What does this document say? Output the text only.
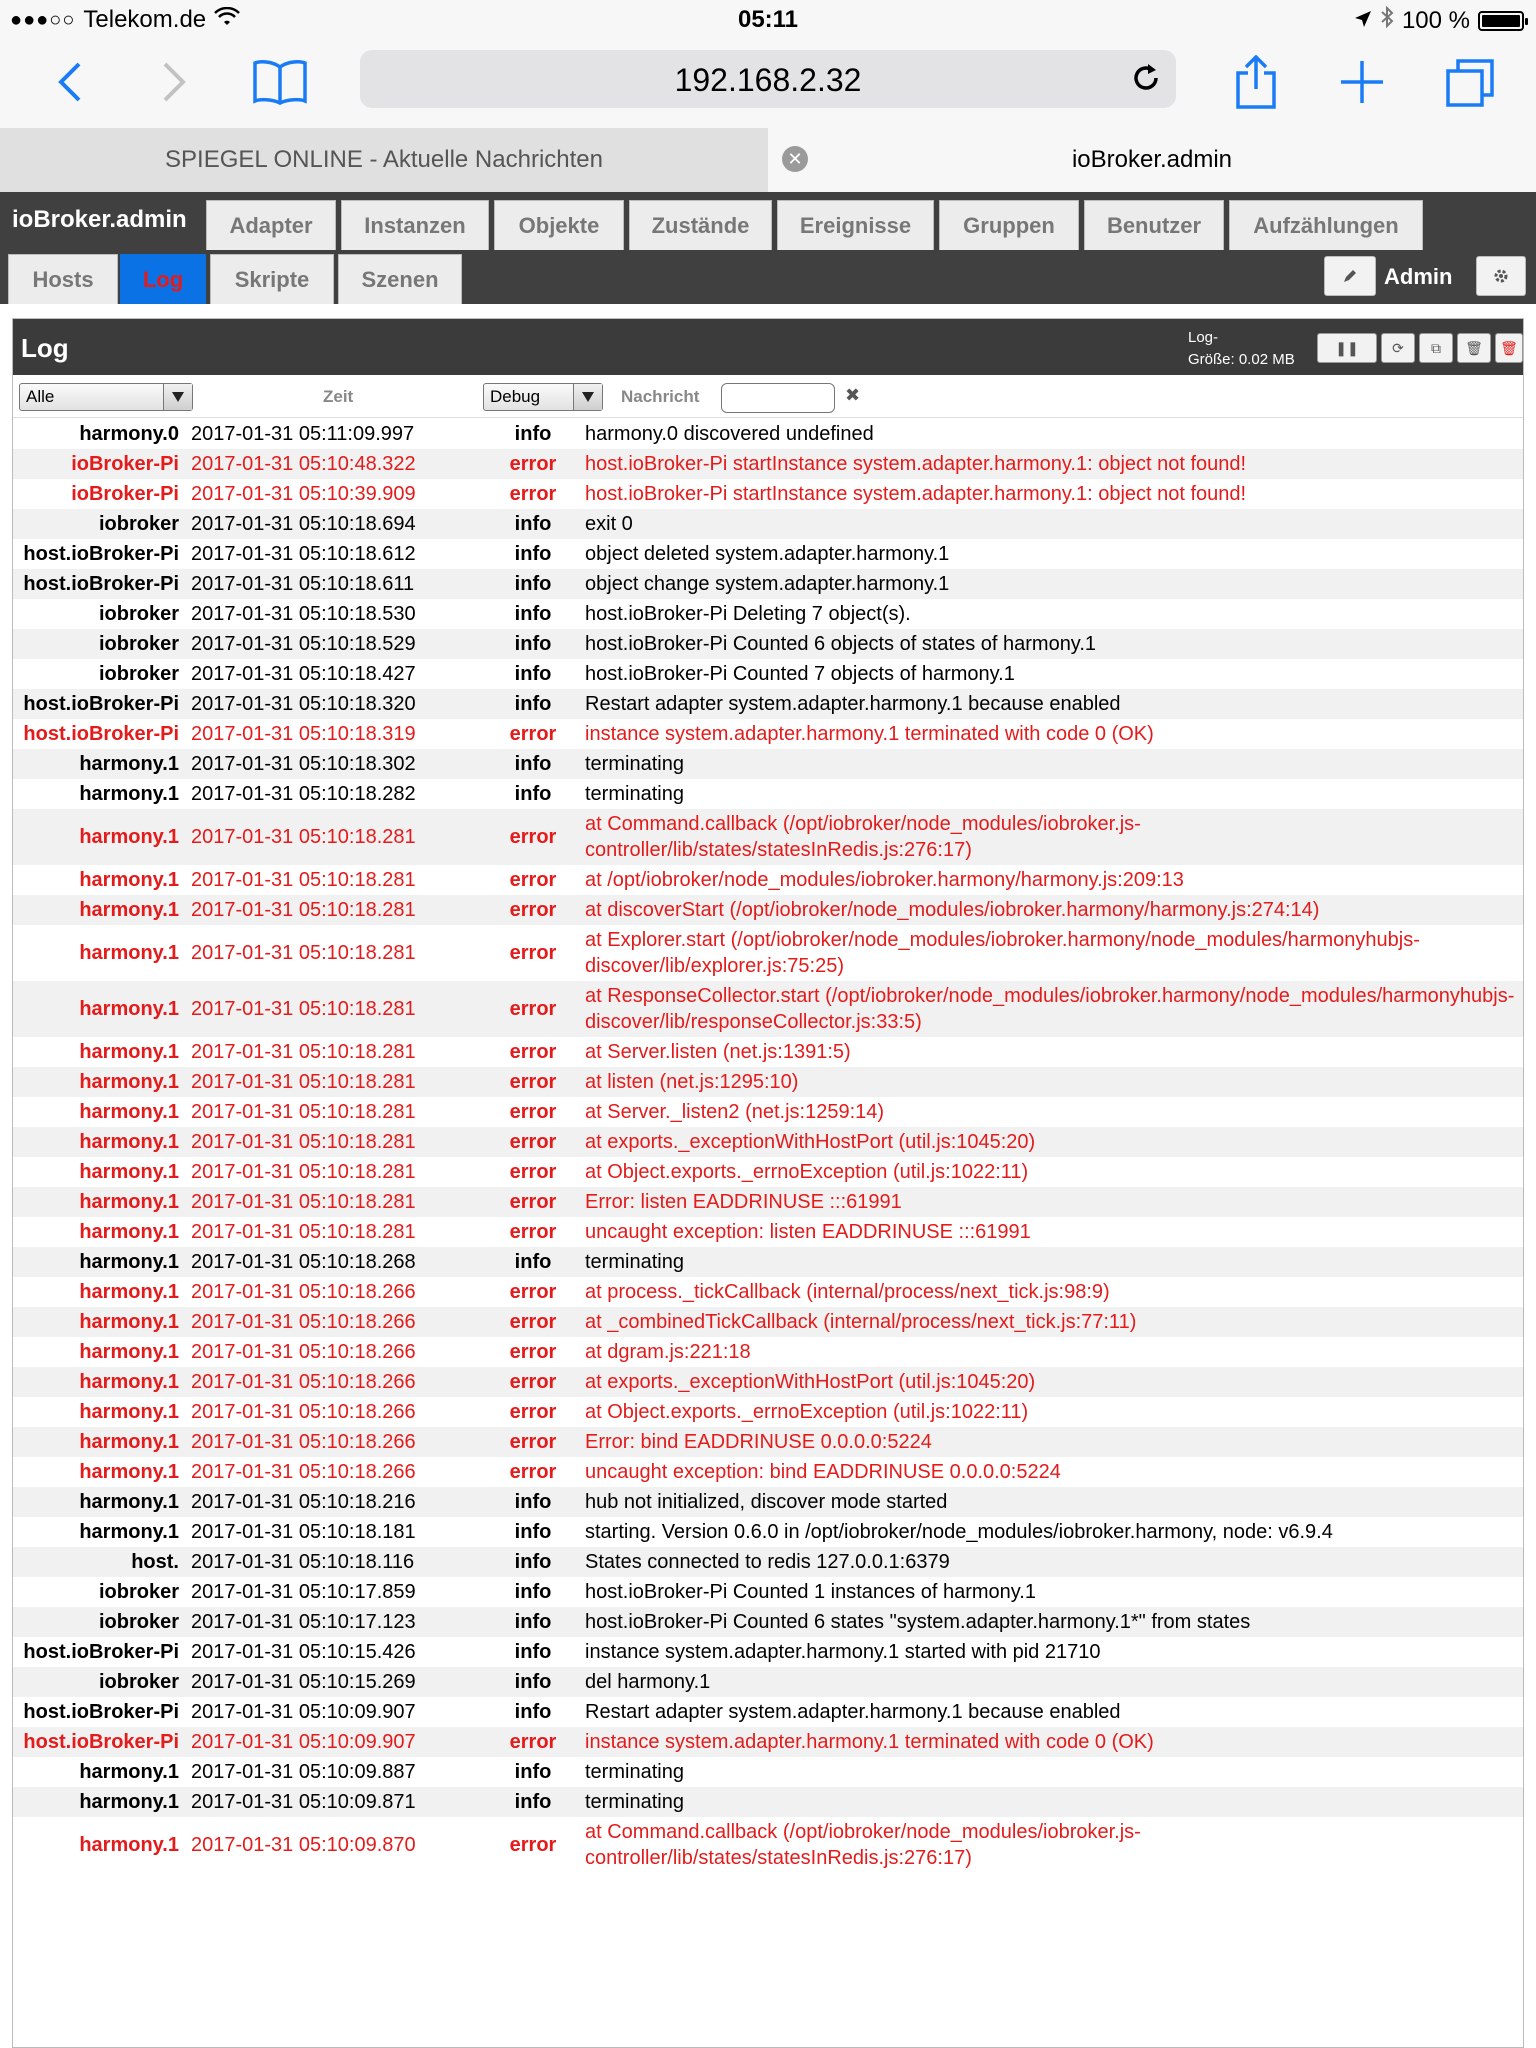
●●●○○ Telekom.de	05:11	100 %
192.168.2.32
SPIEGEL ONLINE - Aktuelle Nachrichten	✕	ioBroker.admin
ioBroker.admin Adapter Instanzen Objekte Zustände Ereignisse Gruppen Benutzer Aufzählungen
Hosts Log Skripte Szenen	Admin
Log	Log-
Größe: 0.02 MB
❚❚ ⟳ ⧉ 🗑 🗑
Alle	Zeit	Debug	Nachricht	✖
harmony.0	2017-01-31 05:11:09.997	info	harmony.0 discovered undefined
ioBroker-Pi	2017-01-31 05:10:48.322	error	host.ioBroker-Pi startInstance system.adapter.harmony.1: object not found!
ioBroker-Pi	2017-01-31 05:10:39.909	error	host.ioBroker-Pi startInstance system.adapter.harmony.1: object not found!
iobroker	2017-01-31 05:10:18.694	info	exit 0
host.ioBroker-Pi	2017-01-31 05:10:18.612	info	object deleted system.adapter.harmony.1
host.ioBroker-Pi	2017-01-31 05:10:18.611	info	object change system.adapter.harmony.1
iobroker	2017-01-31 05:10:18.530	info	host.ioBroker-Pi Deleting 7 object(s).
iobroker	2017-01-31 05:10:18.529	info	host.ioBroker-Pi Counted 6 objects of states of harmony.1
iobroker	2017-01-31 05:10:18.427	info	host.ioBroker-Pi Counted 7 objects of harmony.1
host.ioBroker-Pi	2017-01-31 05:10:18.320	info	Restart adapter system.adapter.harmony.1 because enabled
host.ioBroker-Pi	2017-01-31 05:10:18.319	error	instance system.adapter.harmony.1 terminated with code 0 (OK)
harmony.1	2017-01-31 05:10:18.302	info	terminating
harmony.1	2017-01-31 05:10:18.282	info	terminating
harmony.1	2017-01-31 05:10:18.281	error	at Command.callback (/opt/iobroker/node_modules/iobroker.js-controller/lib/states/statesInRedis.js:276:17)
harmony.1	2017-01-31 05:10:18.281	error	at /opt/iobroker/node_modules/iobroker.harmony/harmony.js:209:13
harmony.1	2017-01-31 05:10:18.281	error	at discoverStart (/opt/iobroker/node_modules/iobroker.harmony/harmony.js:274:14)
harmony.1	2017-01-31 05:10:18.281	error	at Explorer.start (/opt/iobroker/node_modules/iobroker.harmony/node_modules/harmonyhubjs-discover/lib/explorer.js:75:25)
harmony.1	2017-01-31 05:10:18.281	error	at ResponseCollector.start (/opt/iobroker/node_modules/iobroker.harmony/node_modules/harmonyhubjs-discover/lib/responseCollector.js:33:5)
harmony.1	2017-01-31 05:10:18.281	error	at Server.listen (net.js:1391:5)
harmony.1	2017-01-31 05:10:18.281	error	at listen (net.js:1295:10)
harmony.1	2017-01-31 05:10:18.281	error	at Server._listen2 (net.js:1259:14)
harmony.1	2017-01-31 05:10:18.281	error	at exports._exceptionWithHostPort (util.js:1045:20)
harmony.1	2017-01-31 05:10:18.281	error	at Object.exports._errnoException (util.js:1022:11)
harmony.1	2017-01-31 05:10:18.281	error	Error: listen EADDRINUSE :::61991
harmony.1	2017-01-31 05:10:18.281	error	uncaught exception: listen EADDRINUSE :::61991
harmony.1	2017-01-31 05:10:18.268	info	terminating
harmony.1	2017-01-31 05:10:18.266	error	at process._tickCallback (internal/process/next_tick.js:98:9)
harmony.1	2017-01-31 05:10:18.266	error	at _combinedTickCallback (internal/process/next_tick.js:77:11)
harmony.1	2017-01-31 05:10:18.266	error	at dgram.js:221:18
harmony.1	2017-01-31 05:10:18.266	error	at exports._exceptionWithHostPort (util.js:1045:20)
harmony.1	2017-01-31 05:10:18.266	error	at Object.exports._errnoException (util.js:1022:11)
harmony.1	2017-01-31 05:10:18.266	error	Error: bind EADDRINUSE 0.0.0.0:5224
harmony.1	2017-01-31 05:10:18.266	error	uncaught exception: bind EADDRINUSE 0.0.0.0:5224
harmony.1	2017-01-31 05:10:18.216	info	hub not initialized, discover mode started
harmony.1	2017-01-31 05:10:18.181	info	starting. Version 0.6.0 in /opt/iobroker/node_modules/iobroker.harmony, node: v6.9.4
host.	2017-01-31 05:10:18.116	info	States connected to redis 127.0.0.1:6379
iobroker	2017-01-31 05:10:17.859	info	host.ioBroker-Pi Counted 1 instances of harmony.1
iobroker	2017-01-31 05:10:17.123	info	host.ioBroker-Pi Counted 6 states "system.adapter.harmony.1*" from states
host.ioBroker-Pi	2017-01-31 05:10:15.426	info	instance system.adapter.harmony.1 started with pid 21710
iobroker	2017-01-31 05:10:15.269	info	del harmony.1
host.ioBroker-Pi	2017-01-31 05:10:09.907	info	Restart adapter system.adapter.harmony.1 because enabled
host.ioBroker-Pi	2017-01-31 05:10:09.907	error	instance system.adapter.harmony.1 terminated with code 0 (OK)
harmony.1	2017-01-31 05:10:09.887	info	terminating
harmony.1	2017-01-31 05:10:09.871	info	terminating
harmony.1	2017-01-31 05:10:09.870	error	at Command.callback (/opt/iobroker/node_modules/iobroker.js-controller/lib/states/statesInRedis.js:276:17)
